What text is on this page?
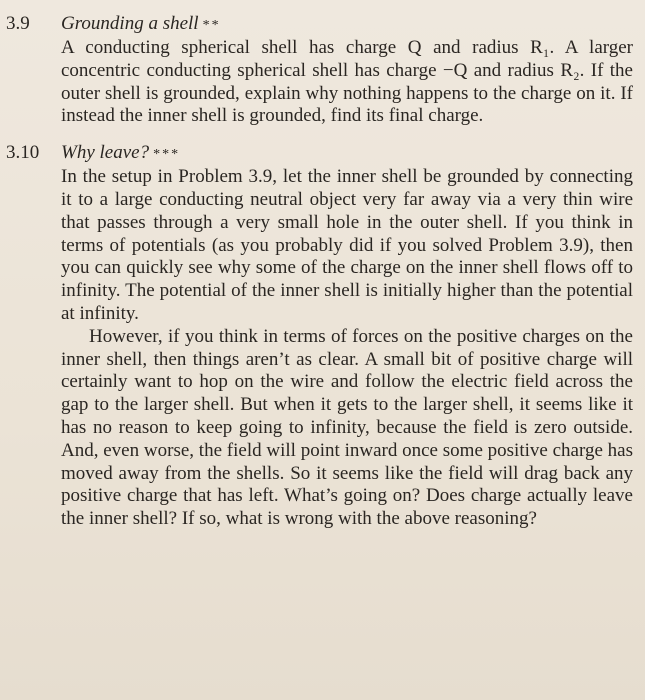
3.9 Grounding a shell **

A conducting spherical shell has charge Q and radius R₁. A larger concentric conducting spherical shell has charge −Q and radius R₂. If the outer shell is grounded, explain why nothing happens to the charge on it. If instead the inner shell is grounded, find its final charge.

3.10 Why leave? ***

In the setup in Problem 3.9, let the inner shell be grounded by connecting it to a large conducting neutral object very far away via a very thin wire that passes through a very small hole in the outer shell. If you think in terms of potentials (as you probably did if you solved Problem 3.9), then you can quickly see why some of the charge on the inner shell flows off to infinity. The potential of the inner shell is initially higher than the potential at infinity.

However, if you think in terms of forces on the positive charges on the inner shell, then things aren’t as clear. A small bit of positive charge will certainly want to hop on the wire and follow the electric field across the gap to the larger shell. But when it gets to the larger shell, it seems like it has no reason to keep going to infinity, because the field is zero outside. And, even worse, the field will point inward once some positive charge has moved away from the shells. So it seems like the field will drag back any positive charge that has left. What’s going on? Does charge actually leave the inner shell? If so, what is wrong with the above reasoning?
